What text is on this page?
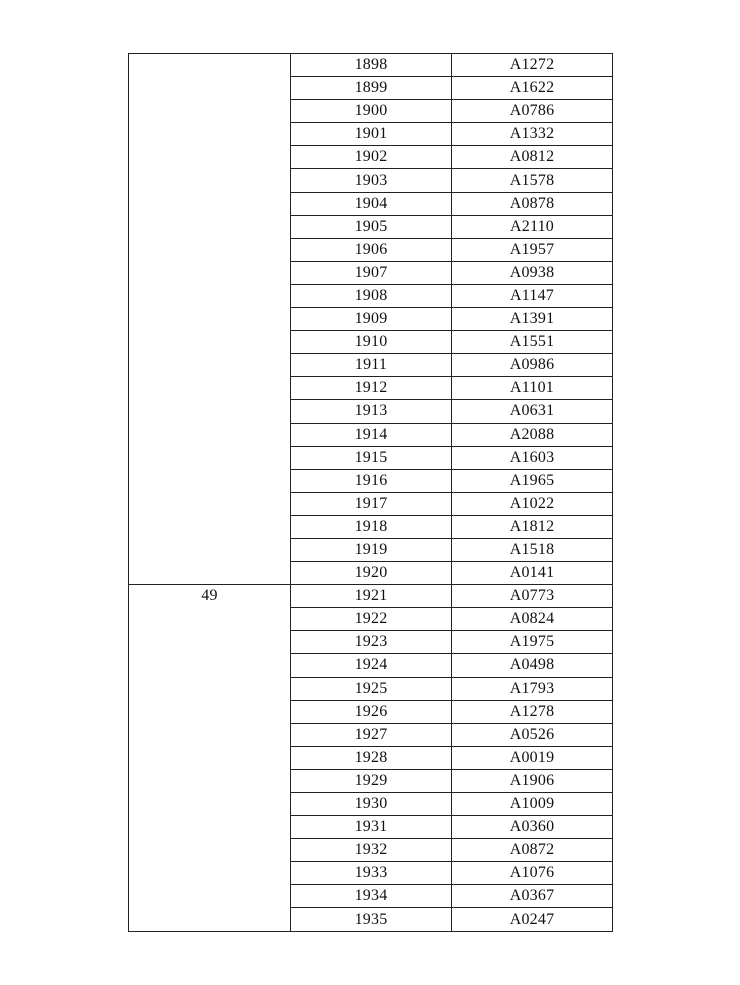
	1898	A1272
	1899	A1622
	1900	A0786
	1901	A1332
	1902	A0812
	1903	A1578
	1904	A0878
	1905	A2110
	1906	A1957
	1907	A0938
	1908	A1147
	1909	A1391
	1910	A1551
	1911	A0986
	1912	A1101
	1913	A0631
	1914	A2088
	1915	A1603
	1916	A1965
	1917	A1022
	1918	A1812
	1919	A1518
	1920	A0141
49	1921	A0773
	1922	A0824
	1923	A1975
	1924	A0498
	1925	A1793
	1926	A1278
	1927	A0526
	1928	A0019
	1929	A1906
	1930	A1009
	1931	A0360
	1932	A0872
	1933	A1076
	1934	A0367
	1935	A0247
